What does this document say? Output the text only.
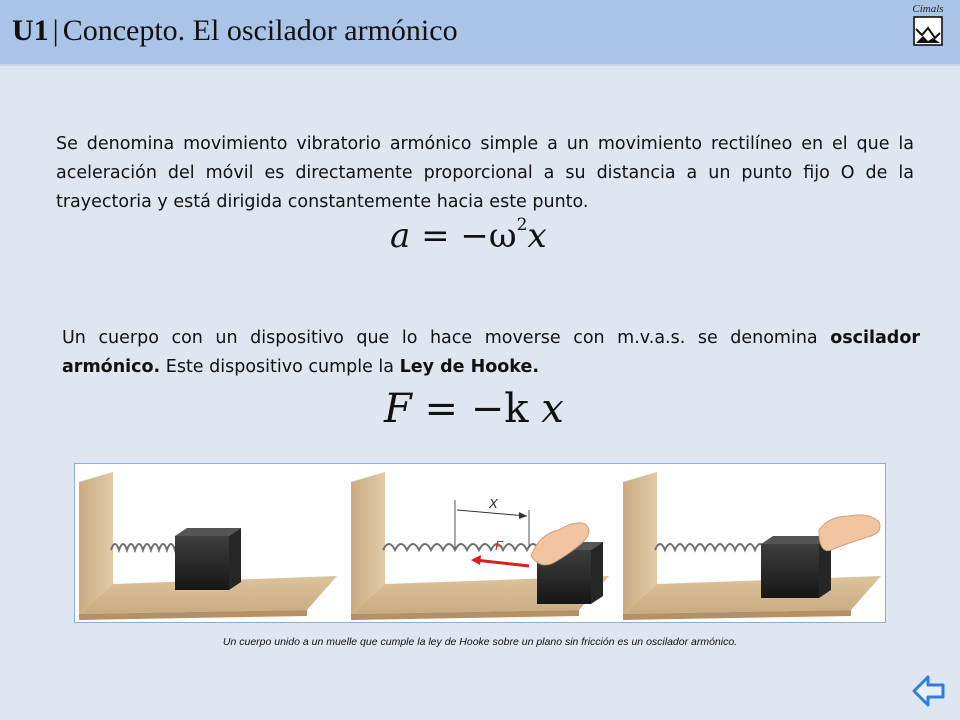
U1 | Concepto. El oscilador armónico
Cimals

Se denomina movimiento vibratorio armónico simple a un movimiento rectilíneo en el que la aceleración del móvil es directamente proporcional a su distancia a un punto fijo O de la trayectoria y está dirigida constantemente hacia este punto.

$a = -\omega^2x$

Un cuerpo con un dispositivo que lo hace moverse con m.v.a.s. se denomina oscilador armónico. Este dispositivo cumple la Ley de Hooke.

F = −k x
X
F
Un cuerpo unido a un muelle que cumple la ley de Hooke sobre un plano sin fricción es un oscilador armónico.
